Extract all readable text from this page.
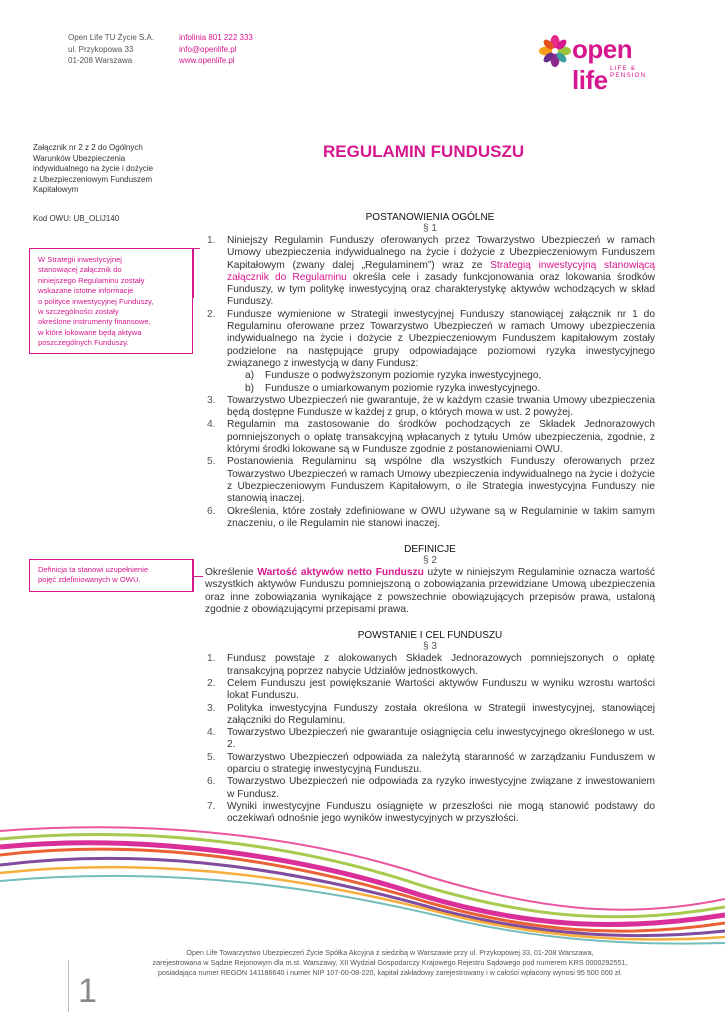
Open Life TU Życie S.A.
ul. Przykopowa 33
01-208 Warszawa
infolinia 801 222 333
info@openlife.pl
www.openlife.pl	open life LIFE & PENSION
Załącznik nr 2 z 2 do Ogólnych
Warunków Ubezpieczenia
indywidualnego na życie i dożycie
z Ubezpieczeniowym Funduszem
Kapitałowym
Kod OWU: UB_OLIJ140
W Strategii inwestycyjnej
stanowiącej załącznik do
niniejszego Regulaminu zostały
wskazane istotne informacje
o polityce inwestycyjnej Funduszy,
w szczególności zostały
określone instrumenty finansowe,
w które lokowane będą aktywa
poszczególnych Funduszy.
Definicja ta stanowi uzupełnienie
pojęć zdefiniowanych w OWU.
REGULAMIN FUNDUSZU
POSTANOWIENIA OGÓLNE
§ 1
1. Niniejszy Regulamin Funduszy oferowanych przez Towarzystwo Ubezpieczeń w ramach Umowy ubezpieczenia indywidualnego na życie i dożycie z Ubezpieczeniowym Funduszem Kapitałowym (zwany dalej „Regulaminem”) wraz ze Strategią inwestycyjną stanowiącą załącznik do Regulaminu określa cele i zasady funkcjonowania oraz lokowania środków Funduszy, w tym politykę inwestycyjną oraz charakterystykę aktywów wchodzących w skład Funduszy.
2. Fundusze wymienione w Strategii inwestycyjnej Funduszy stanowiącej załącznik nr 1 do Regulaminu oferowane przez Towarzystwo Ubezpieczeń w ramach Umowy ubezpieczenia indywidualnego na życie i dożycie z Ubezpieczeniowym Funduszem kapitałowym zostały podzielone na następujące grupy odpowiadające poziomowi ryzyka inwestycyjnego związanego z inwestycją w dany Fundusz:
a) Fundusze o podwyższonym poziomie ryzyka inwestycyjnego,
b) Fundusze o umiarkowanym poziomie ryzyka inwestycyjnego.
3. Towarzystwo Ubezpieczeń nie gwarantuje, że w każdym czasie trwania Umowy ubezpieczenia będą dostępne Fundusze w każdej z grup, o których mowa w ust. 2 powyżej.
4. Regulamin ma zastosowanie do środków pochodzących ze Składek Jednorazowych pomniejszonych o opłatę transakcyjną wpłacanych z tytułu Umów ubezpieczenia, zgodnie, z którymi środki lokowane są w Fundusze zgodnie z postanowieniami OWU.
5. Postanowienia Regulaminu są wspólne dla wszystkich Funduszy oferowanych przez Towarzystwo Ubezpieczeń w ramach Umowy ubezpieczenia indywidualnego na życie i dożycie z Ubezpieczeniowym Funduszem Kapitałowym, o ile Strategia inwestycyjna Funduszy nie stanowią inaczej.
6. Określenia, które zostały zdefiniowane w OWU używane są w Regulaminie w takim samym znaczeniu, o ile Regulamin nie stanowi inaczej.
DEFINICJE
§ 2
Określenie Wartość aktywów netto Funduszu użyte w niniejszym Regulaminie oznacza wartość wszystkich aktywów Funduszu pomniejszoną o zobowiązania przewidziane Umową ubezpieczenia oraz inne zobowiązania wynikające z powszechnie obowiązujących przepisów prawa, ustaloną zgodnie z obowiązującymi przepisami prawa.
POWSTANIE I CEL FUNDUSZU
§ 3
1. Fundusz powstaje z alokowanych Składek Jednorazowych pomniejszonych o opłatę transakcyjną poprzez nabycie Udziałów jednostkowych.
2. Celem Funduszu jest powiększanie Wartości aktywów Funduszu w wyniku wzrostu wartości lokat Funduszu.
3. Polityka inwestycyjna Funduszy została określona w Strategii inwestycyjnej, stanowiącej załączniki do Regulaminu.
4. Towarzystwo Ubezpieczeń nie gwarantuje osiągnięcia celu inwestycyjnego określonego w ust. 2.
5. Towarzystwo Ubezpieczeń odpowiada za należytą staranność w zarządzaniu Funduszem w oparciu o strategię inwestycyjną Funduszu.
6. Towarzystwo Ubezpieczeń nie odpowiada za ryzyko inwestycyjne związane z inwestowaniem w Fundusz.
7. Wyniki inwestycyjne Funduszu osiągnięte w przeszłości nie mogą stanowić podstawy do oczekiwań odnośnie jego wyników inwestycyjnych w przyszłości.
Open Life Towarzystwo Ubezpieczeń Życie Spółka Akcyjna z siedzibą w Warszawie przy ul. Przykopowej 33, 01-208 Warszawa,
zarejestrowana w Sądzie Rejonowym dla m.st. Warszawy, XII Wydział Gospodarczy Krajowego Rejestru Sądowego pod numerem KRS 0000292551,
posiadająca numer REGON 141186640 i numer NIP 107-00-08-220, kapitał zakładowy zarejestrowany i w całości wpłacony wynosi 95 500 000 zł.
1
